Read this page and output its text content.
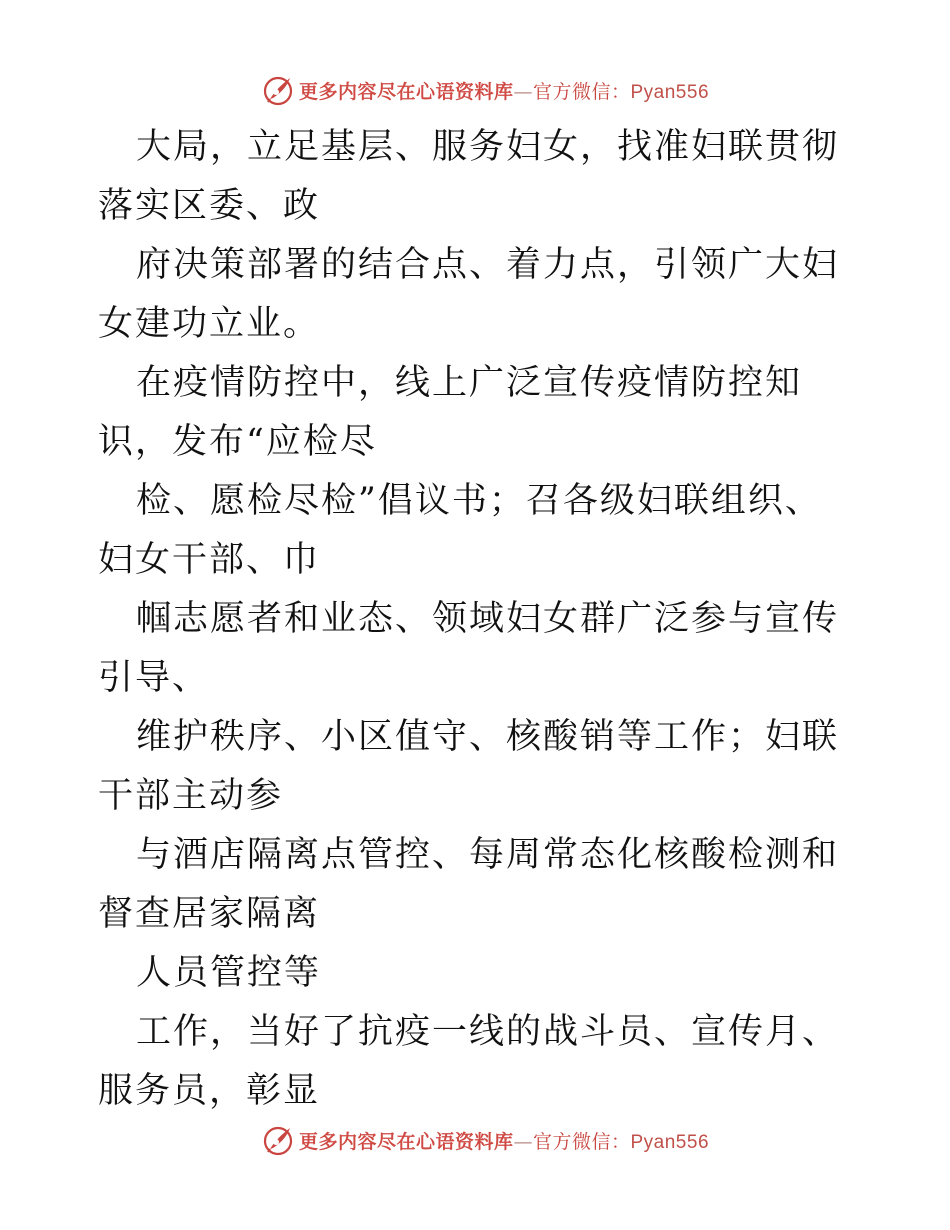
更多内容尽在心语资料库—官方微信：Pyan556

大局，立足基层、服务妇女，找准妇联贯彻落实区委、政

府决策部署的结合点、着力点，引领广大妇女建功立业。

在疫情防控中，线上广泛宣传疫情防控知识，发布“应检尽

检、愿检尽检”倡议书；召各级妇联组织、妇女干部、巾

帼志愿者和业态、领域妇女群广泛参与宣传引导、

维护秩序、小区值守、核酸销等工作；妇联干部主动参

与酒店隔离点管控、每周常态化核酸检测和督查居家隔离

人员管控等

工作，当好了抗疫一线的战斗员、宣传月、服务员，彰显

更多内容尽在心语资料库—官方微信：Pyan556
